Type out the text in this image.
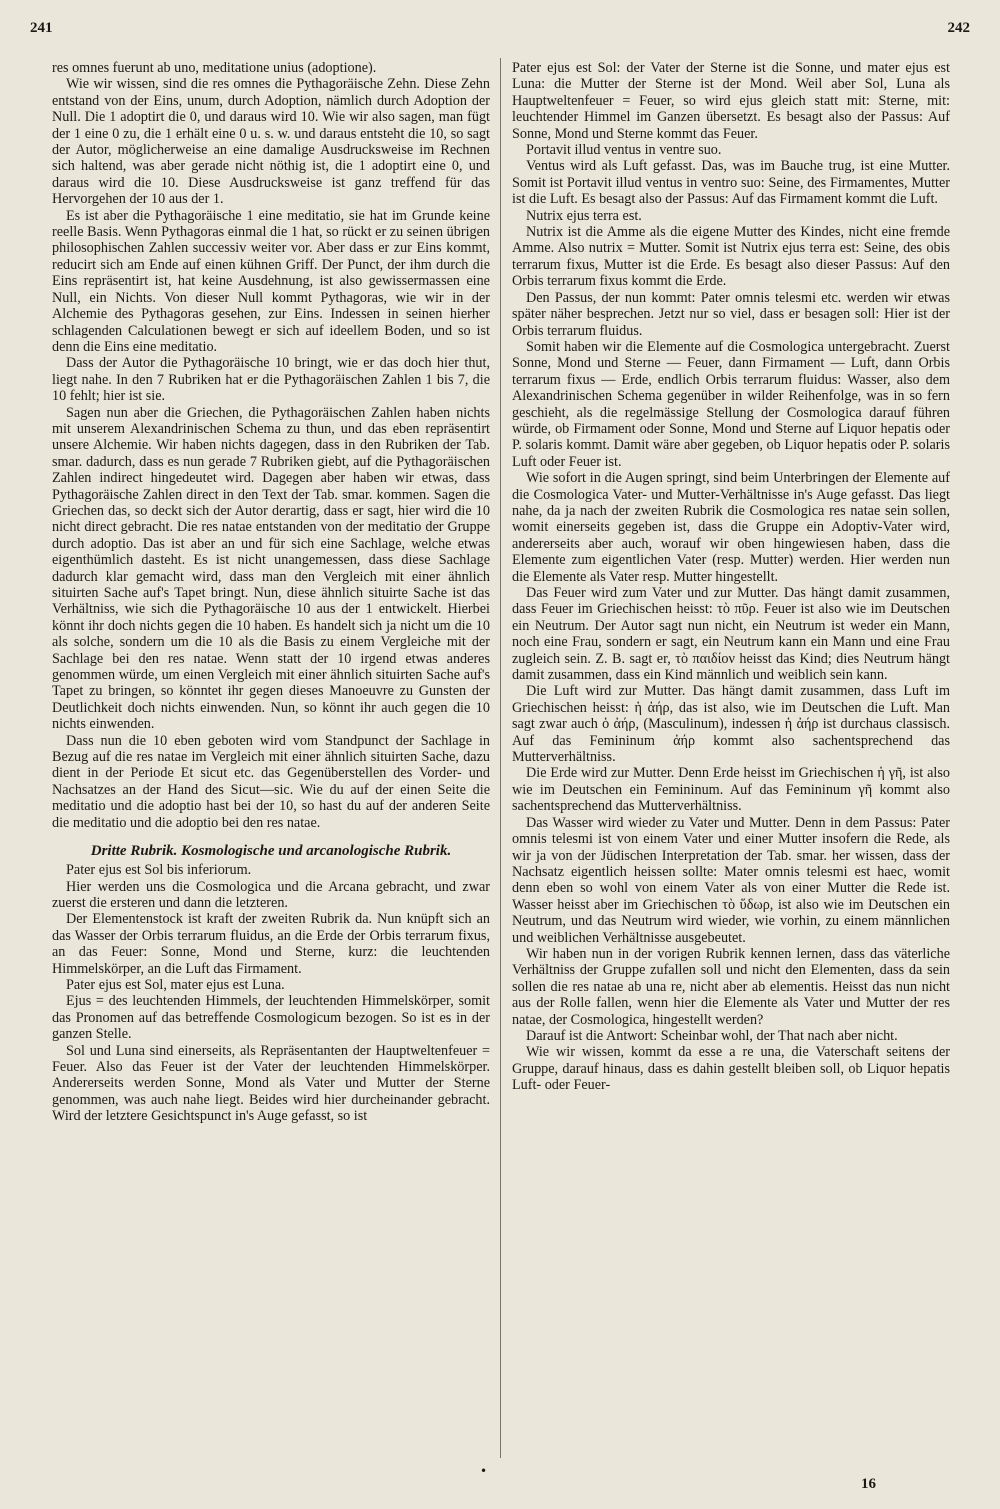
241	242

res omnes fuerunt ab uno, meditatione unius (adoptione).

Wie wir wissen, sind die res omnes die Pythagoräische Zehn. Diese Zehn entstand von der Eins, unum, durch Adoption, nämlich durch Adoption der Null. Die 1 adoptirt die 0, und daraus wird 10. Wie wir also sagen, man fügt der 1 eine 0 zu, die 1 erhält eine 0 u. s. w. und daraus entsteht die 10, so sagt der Autor, möglicherweise an eine damalige Ausdrucksweise im Rechnen sich haltend, was aber gerade nicht nöthig ist, die 1 adoptirt eine 0, und daraus wird die 10. Diese Ausdrucksweise ist ganz treffend für das Hervorgehen der 10 aus der 1.

Es ist aber die Pythagoräische 1 eine meditatio, sie hat im Grunde keine reelle Basis. Wenn Pythagoras einmal die 1 hat, so rückt er zu seinen übrigen philosophischen Zahlen successiv weiter vor. Aber dass er zur Eins kommt, reducirt sich am Ende auf einen kühnen Griff. Der Punct, der ihm durch die Eins repräsentirt ist, hat keine Ausdehnung, ist also gewissermassen eine Null, ein Nichts. Von dieser Null kommt Pythagoras, wie wir in der Alchemie des Pythagoras gesehen, zur Eins. Indessen in seinen hierher schlagenden Calculationen bewegt er sich auf ideellem Boden, und so ist denn die Eins eine meditatio.

Dass der Autor die Pythagoräische 10 bringt, wie er das doch hier thut, liegt nahe. In den 7 Rubriken hat er die Pythagoräischen Zahlen 1 bis 7, die 10 fehlt; hier ist sie.

Sagen nun aber die Griechen, die Pythagoräischen Zahlen haben nichts mit unserem Alexandrinischen Schema zu thun, und das eben repräsentirt unsere Alchemie. Wir haben nichts dagegen, dass in den Rubriken der Tab. smar. dadurch, dass es nun gerade 7 Rubriken giebt, auf die Pythagoräischen Zahlen indirect hingedeutet wird. Dagegen aber haben wir etwas, dass Pythagoräische Zahlen direct in den Text der Tab. smar. kommen. Sagen die Griechen das, so deckt sich der Autor derartig, dass er sagt, hier wird die 10 nicht direct gebracht. Die res natae entstanden von der meditatio der Gruppe durch adoptio. Das ist aber an und für sich eine Sachlage, welche etwas eigenthümlich dasteht. Es ist nicht unangemessen, dass diese Sachlage dadurch klar gemacht wird, dass man den Vergleich mit einer ähnlich situirten Sache auf's Tapet bringt. Nun, diese ähnlich situirte Sache ist das Verhältniss, wie sich die Pythagoräische 10 aus der 1 entwickelt. Hierbei könnt ihr doch nichts gegen die 10 haben. Es handelt sich ja nicht um die 10 als solche, sondern um die 10 als die Basis zu einem Vergleiche mit der Sachlage bei den res natae. Wenn statt der 10 irgend etwas anderes genommen würde, um einen Vergleich mit einer ähnlich situirten Sache auf's Tapet zu bringen, so könntet ihr gegen dieses Manoeuvre zu Gunsten der Deutlichkeit doch nichts einwenden. Nun, so könnt ihr auch gegen die 10 nichts einwenden.

Dass nun die 10 eben geboten wird vom Standpunct der Sachlage in Bezug auf die res natae im Vergleich mit einer ähnlich situirten Sache, dazu dient in der Periode Et sicut etc. das Gegenüberstellen des Vorder- und Nachsatzes an der Hand des Sicut—sic. Wie du auf der einen Seite die meditatio und die adoptio hast bei der 10, so hast du auf der anderen Seite die meditatio und die adoptio bei den res natae.

Dritte Rubrik. Kosmologische und arcanologische Rubrik.

Pater ejus est Sol bis inferiorum.

Hier werden uns die Cosmologica und die Arcana gebracht, und zwar zuerst die ersteren und dann die letzteren.

Der Elementenstock ist kraft der zweiten Rubrik da. Nun knüpft sich an das Wasser der Orbis terrarum fluidus, an die Erde der Orbis terrarum fixus, an das Feuer: Sonne, Mond und Sterne, kurz: die leuchtenden Himmelskörper, an die Luft das Firmament.

Pater ejus est Sol, mater ejus est Luna.

Ejus = des leuchtenden Himmels, der leuchtenden Himmelskörper, somit das Pronomen auf das betreffende Cosmologicum bezogen. So ist es in der ganzen Stelle.

Sol und Luna sind einerseits, als Repräsentanten der Hauptweltenfeuer = Feuer. Also das Feuer ist der Vater der leuchtenden Himmelskörper. Andererseits werden Sonne, Mond als Vater und Mutter der Sterne genommen, was auch nahe liegt. Beides wird hier durcheinander gebracht. Wird der letztere Gesichtspunct in's Auge gefasst, so ist

Pater ejus est Sol: der Vater der Sterne ist die Sonne, und mater ejus est Luna: die Mutter der Sterne ist der Mond. Weil aber Sol, Luna als Hauptweltenfeuer = Feuer, so wird ejus gleich statt mit: Sterne, mit: leuchtender Himmel im Ganzen übersetzt. Es besagt also der Passus: Auf Sonne, Mond und Sterne kommt das Feuer.

Portavit illud ventus in ventre suo.

Ventus wird als Luft gefasst. Das, was im Bauche trug, ist eine Mutter. Somit ist Portavit illud ventus in ventro suo: Seine, des Firmamentes, Mutter ist die Luft. Es besagt also der Passus: Auf das Firmament kommt die Luft.

Nutrix ejus terra est.

Nutrix ist die Amme als die eigene Mutter des Kindes, nicht eine fremde Amme. Also nutrix = Mutter. Somit ist Nutrix ejus terra est: Seine, des obis terrarum fixus, Mutter ist die Erde. Es besagt also dieser Passus: Auf den Orbis terrarum fixus kommt die Erde.

Den Passus, der nun kommt: Pater omnis telesmi etc. werden wir etwas später näher besprechen. Jetzt nur so viel, dass er besagen soll: Hier ist der Orbis terrarum fluidus.

Somit haben wir die Elemente auf die Cosmologica untergebracht. Zuerst Sonne, Mond und Sterne — Feuer, dann Firmament — Luft, dann Orbis terrarum fixus — Erde, endlich Orbis terrarum fluidus: Wasser, also dem Alexandrinischen Schema gegenüber in wilder Reihenfolge, was in so fern geschieht, als die regelmässige Stellung der Cosmologica darauf führen würde, ob Firmament oder Sonne, Mond und Sterne auf Liquor hepatis oder P. solaris kommt. Damit wäre aber gegeben, ob Liquor hepatis oder P. solaris Luft oder Feuer ist.

Wie sofort in die Augen springt, sind beim Unterbringen der Elemente auf die Cosmologica Vater- und Mutter-Verhältnisse in's Auge gefasst. Das liegt nahe, da ja nach der zweiten Rubrik die Cosmologica res natae sein sollen, womit einerseits gegeben ist, dass die Gruppe ein Adoptiv-Vater wird, andererseits aber auch, worauf wir oben hingewiesen haben, dass die Elemente zum eigentlichen Vater (resp. Mutter) werden. Hier werden nun die Elemente als Vater resp. Mutter hingestellt.

Das Feuer wird zum Vater und zur Mutter. Das hängt damit zusammen, dass Feuer im Griechischen heisst: τὸ πῦρ. Feuer ist also wie im Deutschen ein Neutrum. Der Autor sagt nun nicht, ein Neutrum ist weder ein Mann, noch eine Frau, sondern er sagt, ein Neutrum kann ein Mann und eine Frau zugleich sein. Z. B. sagt er, τὸ παιδίον heisst das Kind; dies Neutrum hängt damit zusammen, dass ein Kind männlich und weiblich sein kann.

Die Luft wird zur Mutter. Das hängt damit zusammen, dass Luft im Griechischen heisst: ἡ ἀήρ, das ist also, wie im Deutschen die Luft. Man sagt zwar auch ὁ ἀήρ, (Masculinum), indessen ἡ ἀήρ ist durchaus classisch. Auf das Femininum ἀήρ kommt also sachentsprechend das Mutterverhältniss.

Die Erde wird zur Mutter. Denn Erde heisst im Griechischen ἡ γῆ, ist also wie im Deutschen ein Femininum. Auf das Femininum γῆ kommt also sachentsprechend das Mutterverhältniss.

Das Wasser wird wieder zu Vater und Mutter. Denn in dem Passus: Pater omnis telesmi ist von einem Vater und einer Mutter insofern die Rede, als wir ja von der Jüdischen Interpretation der Tab. smar. her wissen, dass der Nachsatz eigentlich heissen sollte: Mater omnis telesmi est haec, womit denn eben so wohl von einem Vater als von einer Mutter die Rede ist. Wasser heisst aber im Griechischen τὸ ὕδωρ, ist also wie im Deutschen ein Neutrum, und das Neutrum wird wieder, wie vorhin, zu einem männlichen und weiblichen Verhältnisse ausgebeutet.

Wir haben nun in der vorigen Rubrik kennen lernen, dass das väterliche Verhältniss der Gruppe zufallen soll und nicht den Elementen, dass da sein sollen die res natae ab una re, nicht aber ab elementis. Heisst das nun nicht aus der Rolle fallen, wenn hier die Elemente als Vater und Mutter der res natae, der Cosmologica, hingestellt werden?

Darauf ist die Antwort: Scheinbar wohl, der That nach aber nicht.

Wie wir wissen, kommt da esse a re una, die Vaterschaft seitens der Gruppe, darauf hinaus, dass es dahin gestellt bleiben soll, ob Liquor hepatis Luft- oder Feuer-

•
16
